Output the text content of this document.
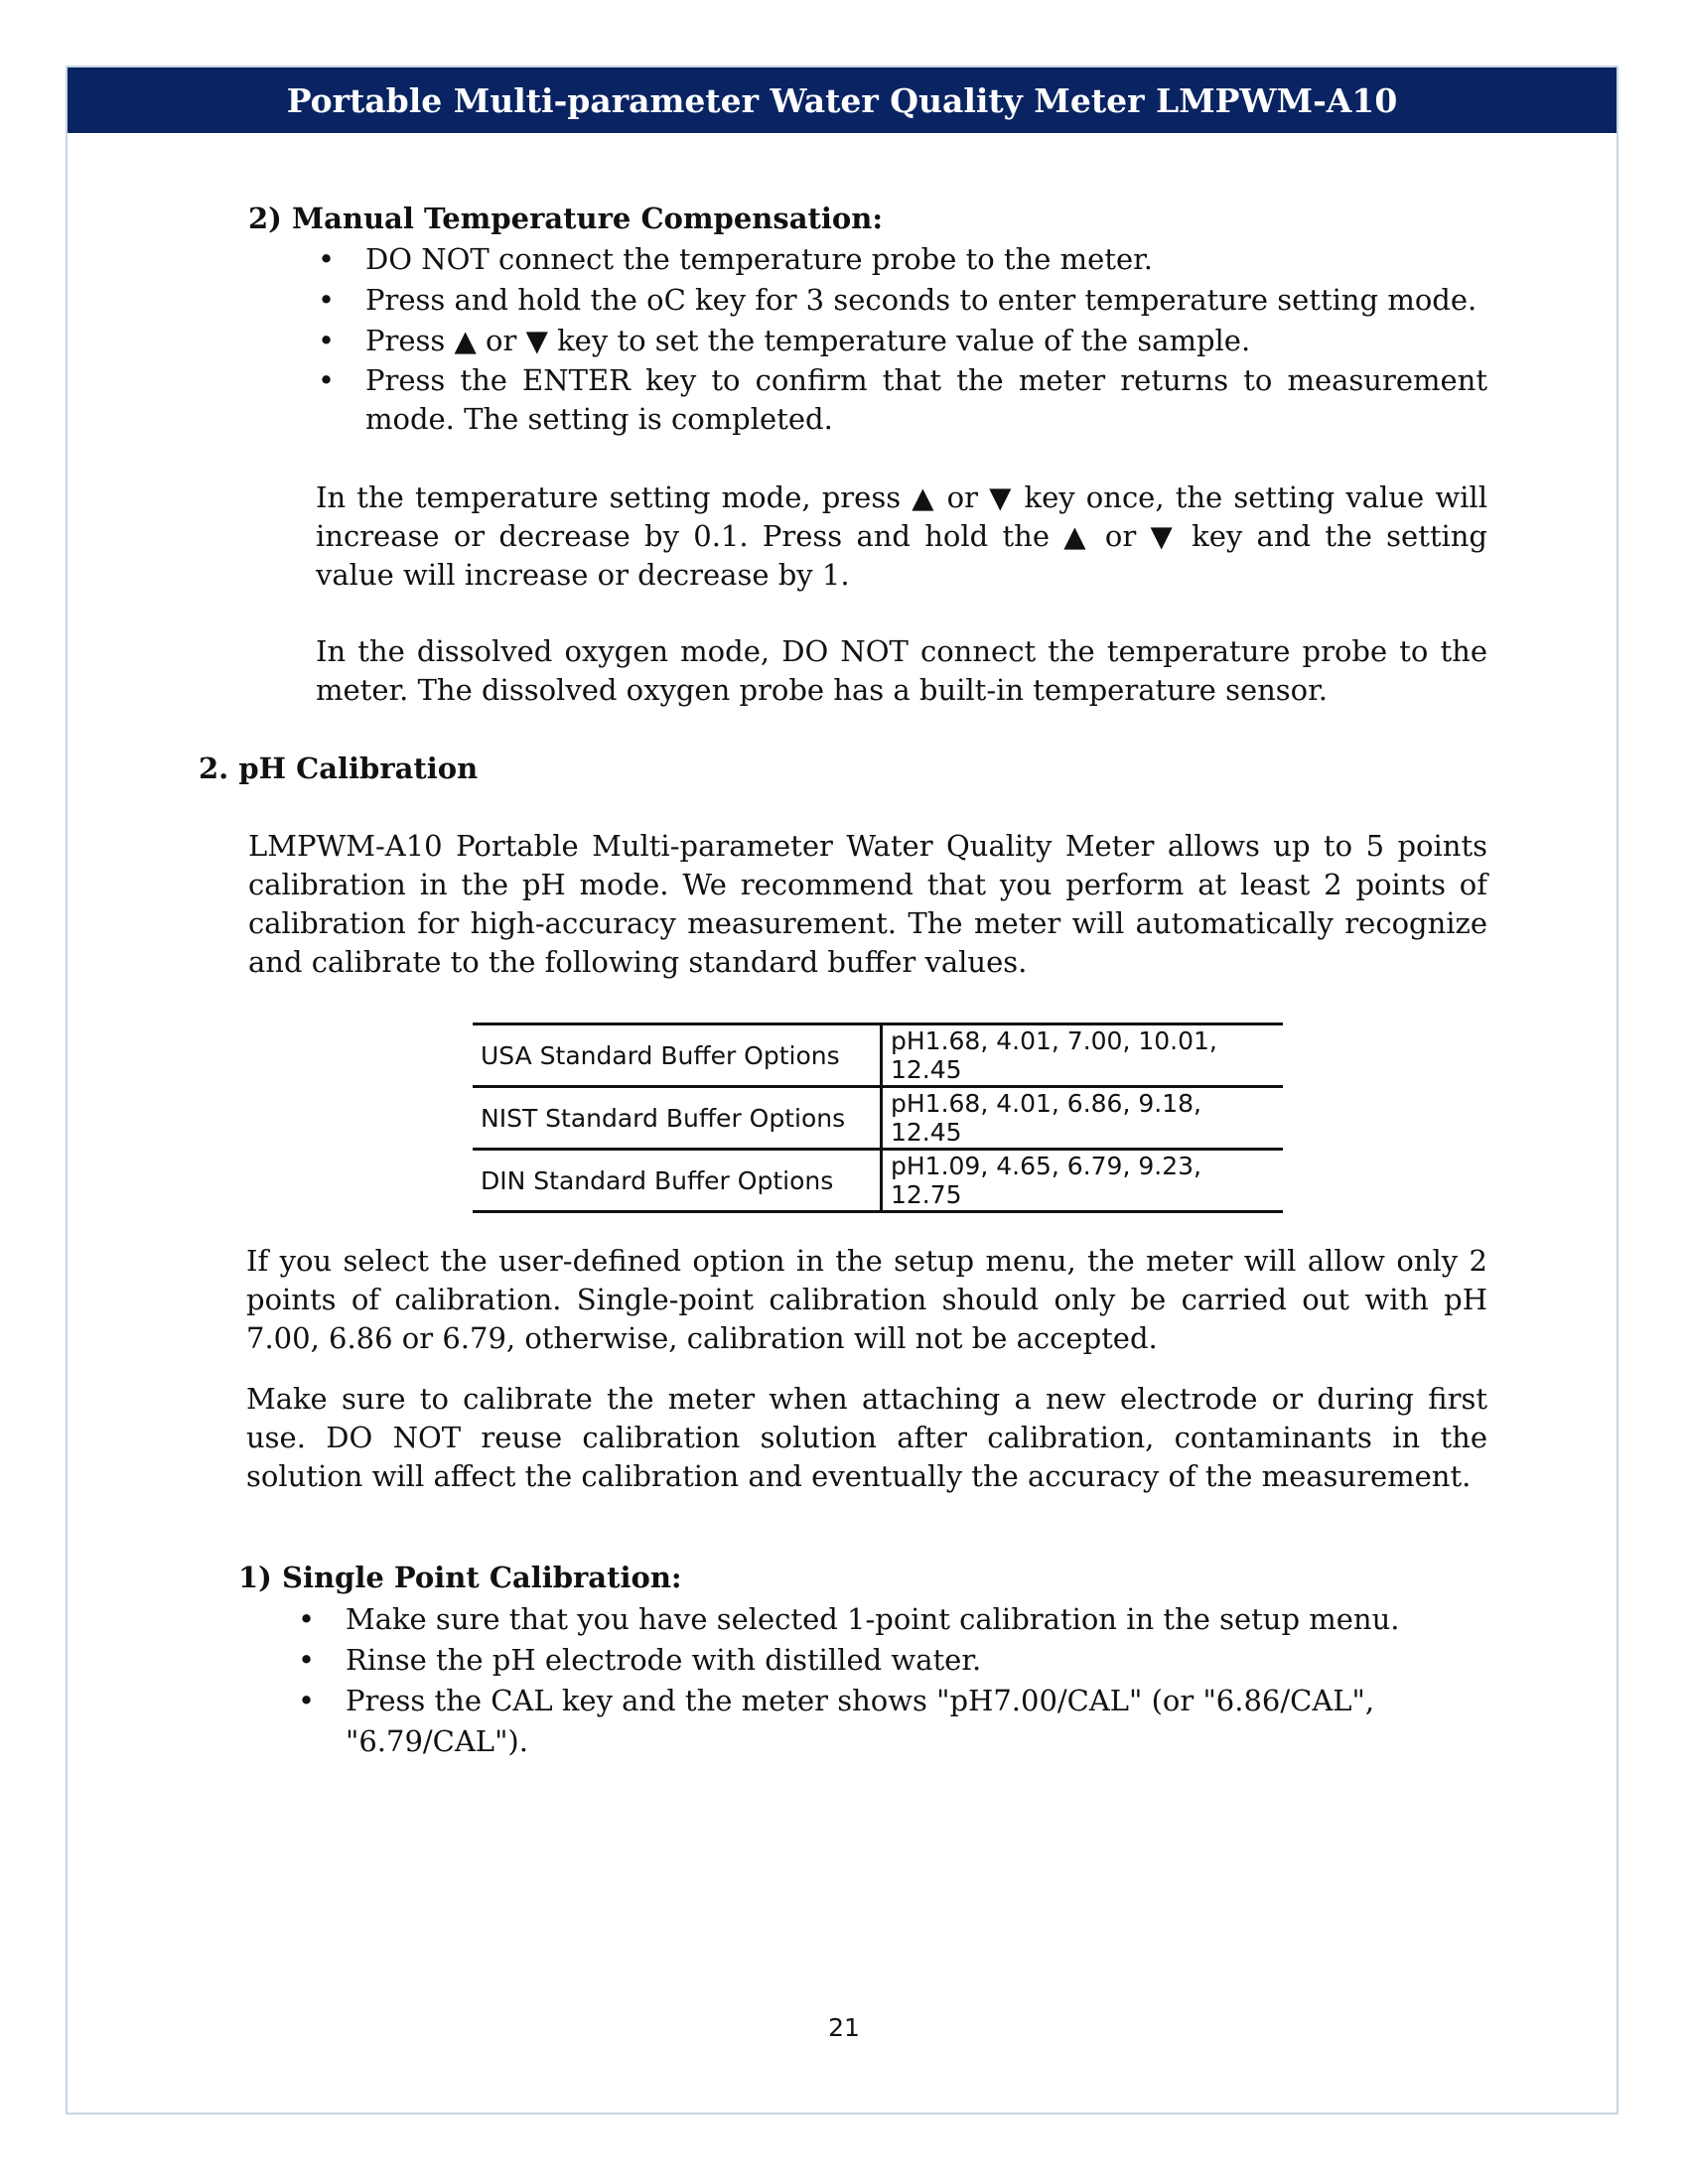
Portable Multi-parameter Water Quality Meter LMPWM-A10
2) Manual Temperature Compensation:
• DO NOT connect the temperature probe to the meter.
• Press and hold the oC key for 3 seconds to enter temperature setting mode.
• Press ▲ or ▼ key to set the temperature value of the sample.
• Press the ENTER key to confirm that the meter returns to measurement mode. The setting is completed.
In the temperature setting mode, press ▲ or ▼ key once, the setting value will increase or decrease by 0.1. Press and hold the ▲ or ▼ key and the setting value will increase or decrease by 1.
In the dissolved oxygen mode, DO NOT connect the temperature probe to the meter. The dissolved oxygen probe has a built-in temperature sensor.
2. pH Calibration
LMPWM-A10 Portable Multi-parameter Water Quality Meter allows up to 5 points calibration in the pH mode. We recommend that you perform at least 2 points of calibration for high-accuracy measurement. The meter will automatically recognize and calibrate to the following standard buffer values.
USA Standard Buffer Options	pH1.68, 4.01, 7.00, 10.01, 12.45
NIST Standard Buffer Options	pH1.68, 4.01, 6.86, 9.18, 12.45
DIN Standard Buffer Options	pH1.09, 4.65, 6.79, 9.23, 12.75
If you select the user-defined option in the setup menu, the meter will allow only 2 points of calibration. Single-point calibration should only be carried out with pH 7.00, 6.86 or 6.79, otherwise, calibration will not be accepted.
Make sure to calibrate the meter when attaching a new electrode or during first use. DO NOT reuse calibration solution after calibration, contaminants in the solution will affect the calibration and eventually the accuracy of the measurement.
1) Single Point Calibration:
• Make sure that you have selected 1-point calibration in the setup menu.
• Rinse the pH electrode with distilled water.
• Press the CAL key and the meter shows "pH7.00/CAL" (or "6.86/CAL", "6.79/CAL").
21
